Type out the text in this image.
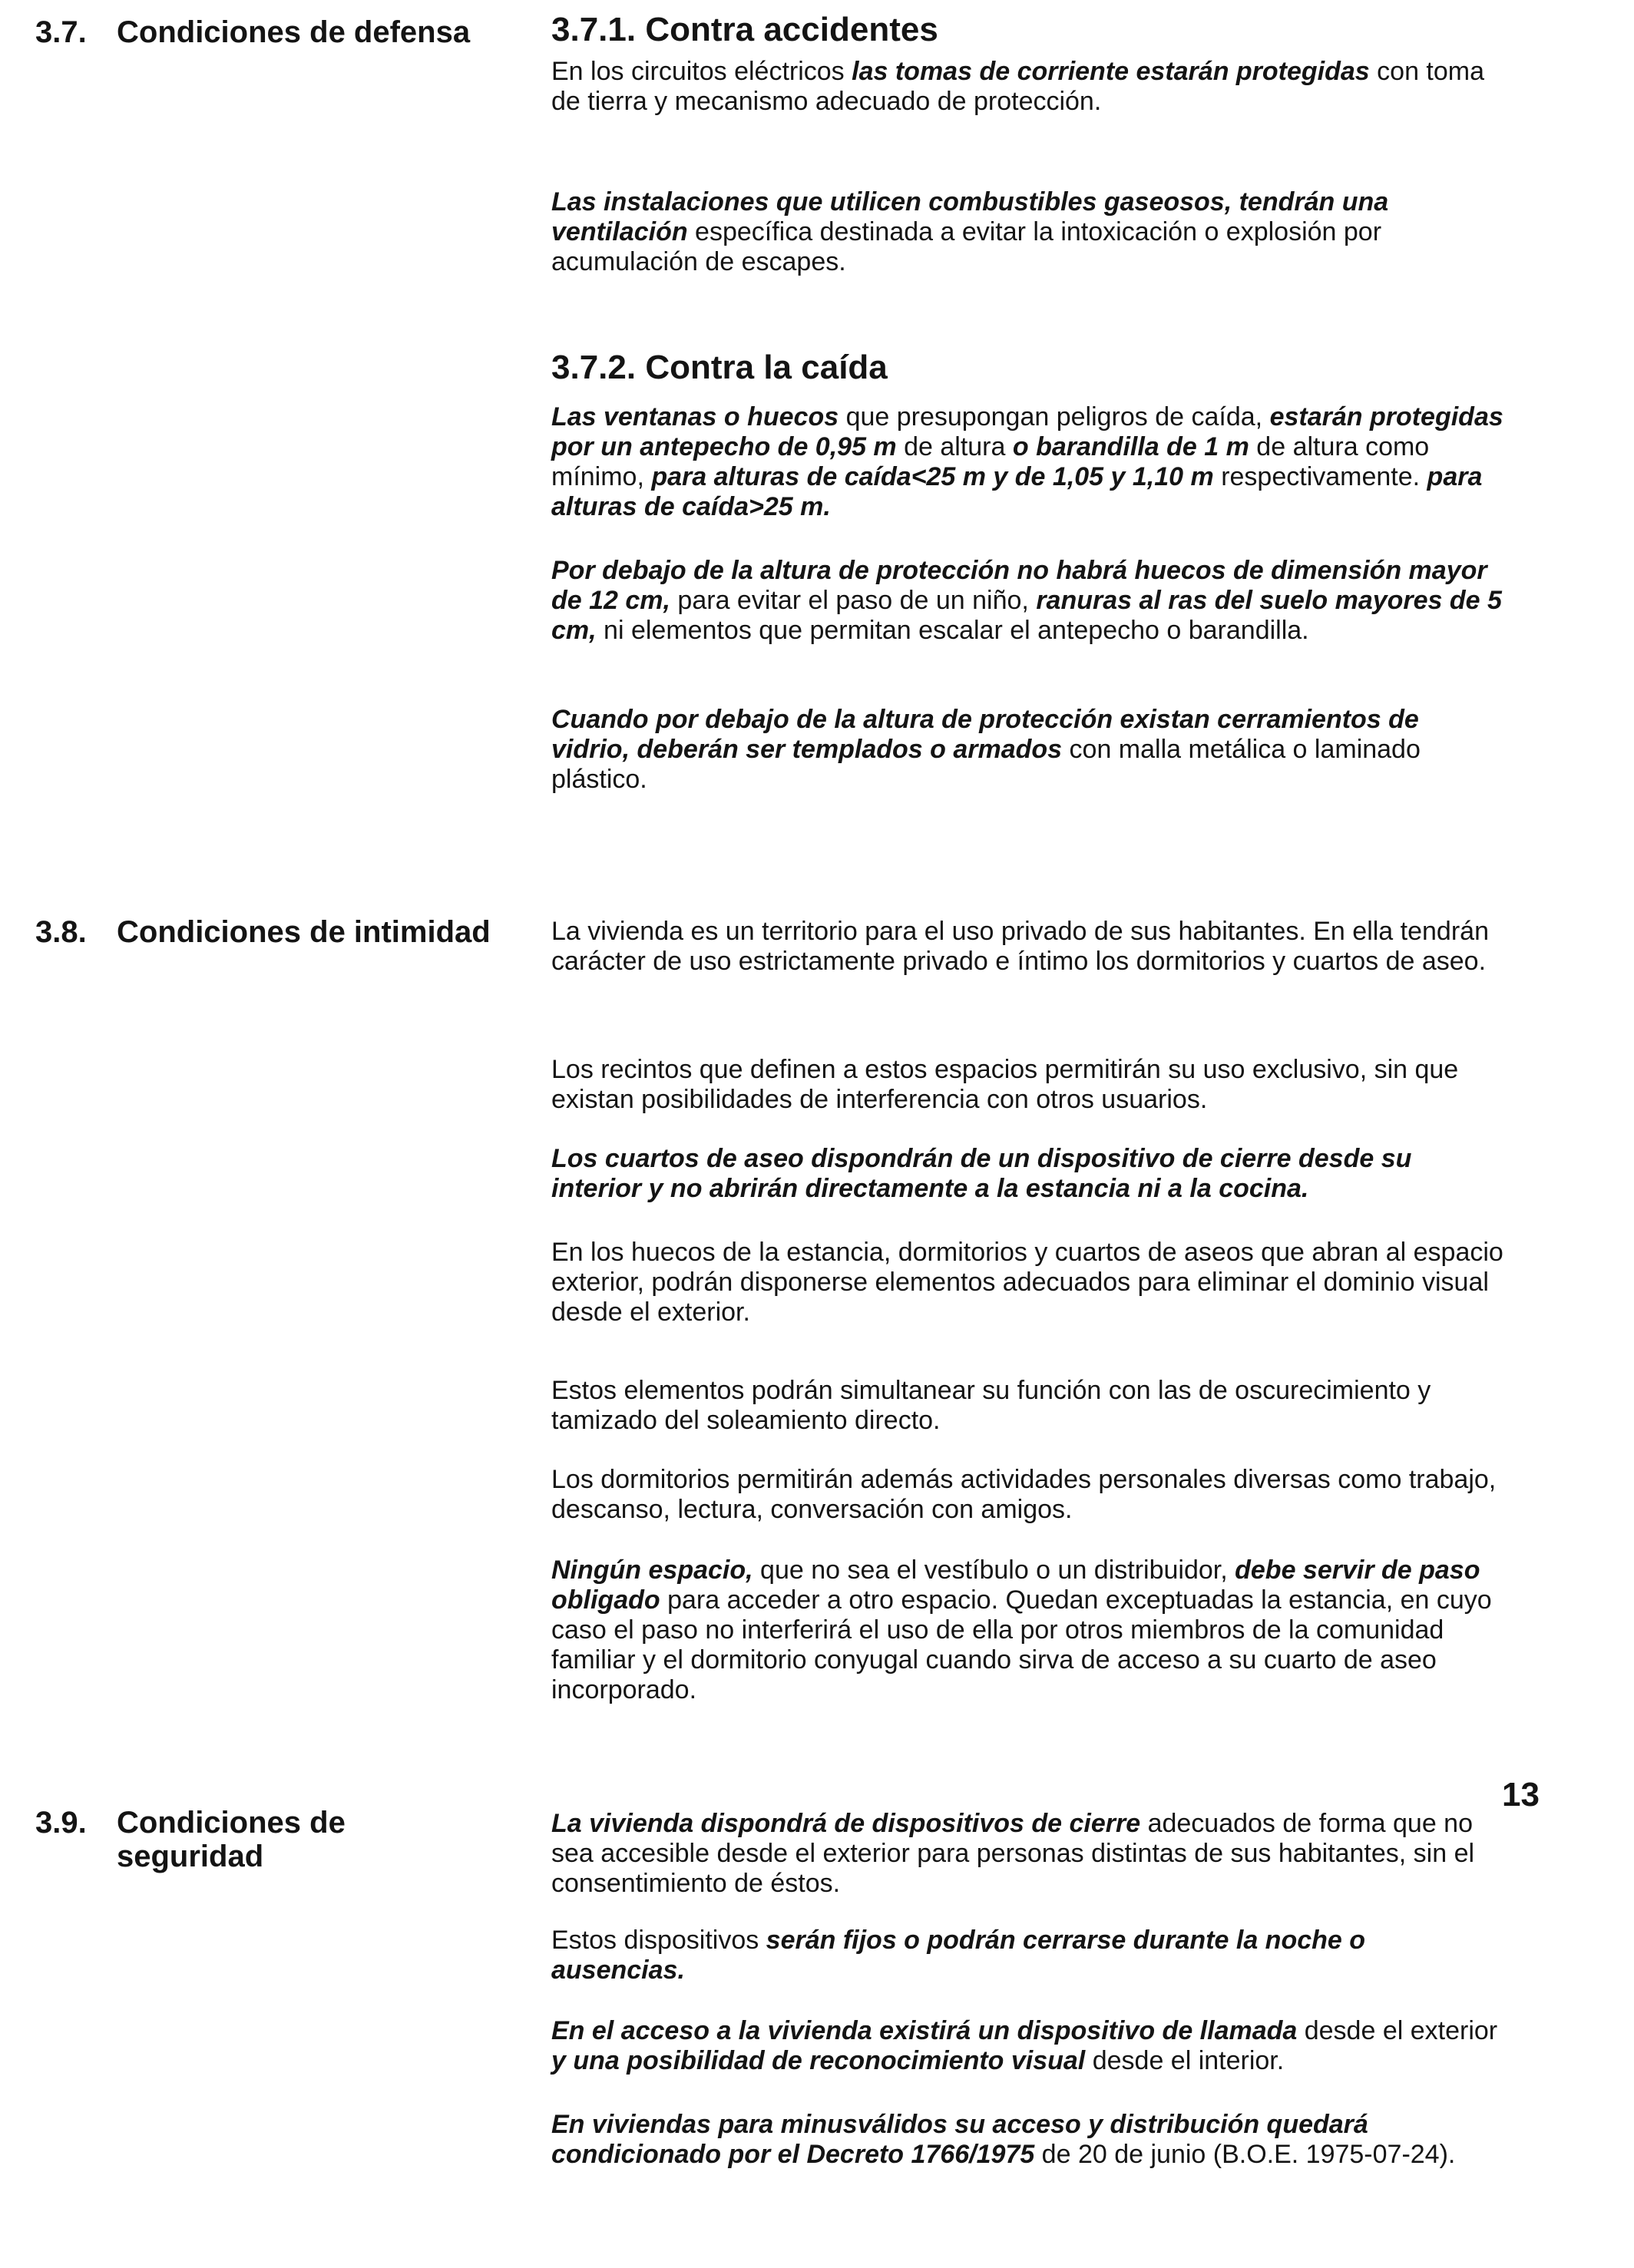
3.7. Condiciones de defensa	3.7.1. Contra accidentes

En los circuitos eléctricos las tomas de corriente estarán protegidas con toma de tierra y mecanismo adecuado de protección.

Las instalaciones que utilicen combustibles gaseosos, tendrán una ventilación específica destinada a evitar la intoxicación o explosión por acumulación de escapes.

3.7.2. Contra la caída

Las ventanas o huecos que presupongan peligros de caída, estarán protegidas por un antepecho de 0,95 m de altura o barandilla de 1 m de altura como mínimo, para alturas de caída<25 m y de 1,05 y 1,10 m respectivamente. para alturas de caída>25 m.

Por debajo de la altura de protección no habrá huecos de dimensión mayor de 12 cm, para evitar el paso de un niño, ranuras al ras del suelo mayores de 5 cm, ni elementos que permitan escalar el antepecho o barandilla.

Cuando por debajo de la altura de protección existan cerramientos de vidrio, deberán ser templados o armados con malla metálica o laminado plástico.

3.8. Condiciones de intimidad	La vivienda es un territorio para el uso privado de sus habitantes. En ella tendrán carácter de uso estrictamente privado e íntimo los dormitorios y cuartos de aseo.

Los recintos que definen a estos espacios permitirán su uso exclusivo, sin que existan posibilidades de interferencia con otros usuarios.

Los cuartos de aseo dispondrán de un dispositivo de cierre desde su interior y no abrirán directamente a la estancia ni a la cocina.

En los huecos de la estancia, dormitorios y cuartos de aseos que abran al espacio exterior, podrán disponerse elementos adecuados para eliminar el dominio visual desde el exterior.

Estos elementos podrán simultanear su función con las de oscurecimiento y tamizado del soleamiento directo.

Los dormitorios permitirán además actividades personales diversas como trabajo, descanso, lectura, conversación con amigos.

Ningún espacio, que no sea el vestíbulo o un distribuidor, debe servir de paso obligado para acceder a otro espacio. Quedan exceptuadas la estancia, en cuyo caso el paso no interferirá el uso de ella por otros miembros de la comunidad familiar y el dormitorio conyugal cuando sirva de acceso a su cuarto de aseo incorporado.

3.9. Condiciones de seguridad

La vivienda dispondrá de dispositivos de cierre adecuados de forma que no sea accesible desde el exterior para personas distintas de sus habitantes, sin el consentimiento de éstos.

Estos dispositivos serán fijos o podrán cerrarse durante la noche o ausencias.

En el acceso a la vivienda existirá un dispositivo de llamada desde el exterior y una posibilidad de reconocimiento visual desde el interior.

En viviendas para minusválidos su acceso y distribución quedará condicionado por el Decreto 1766/1975 de 20 de junio (B.O.E. 1975-07-24).

13
